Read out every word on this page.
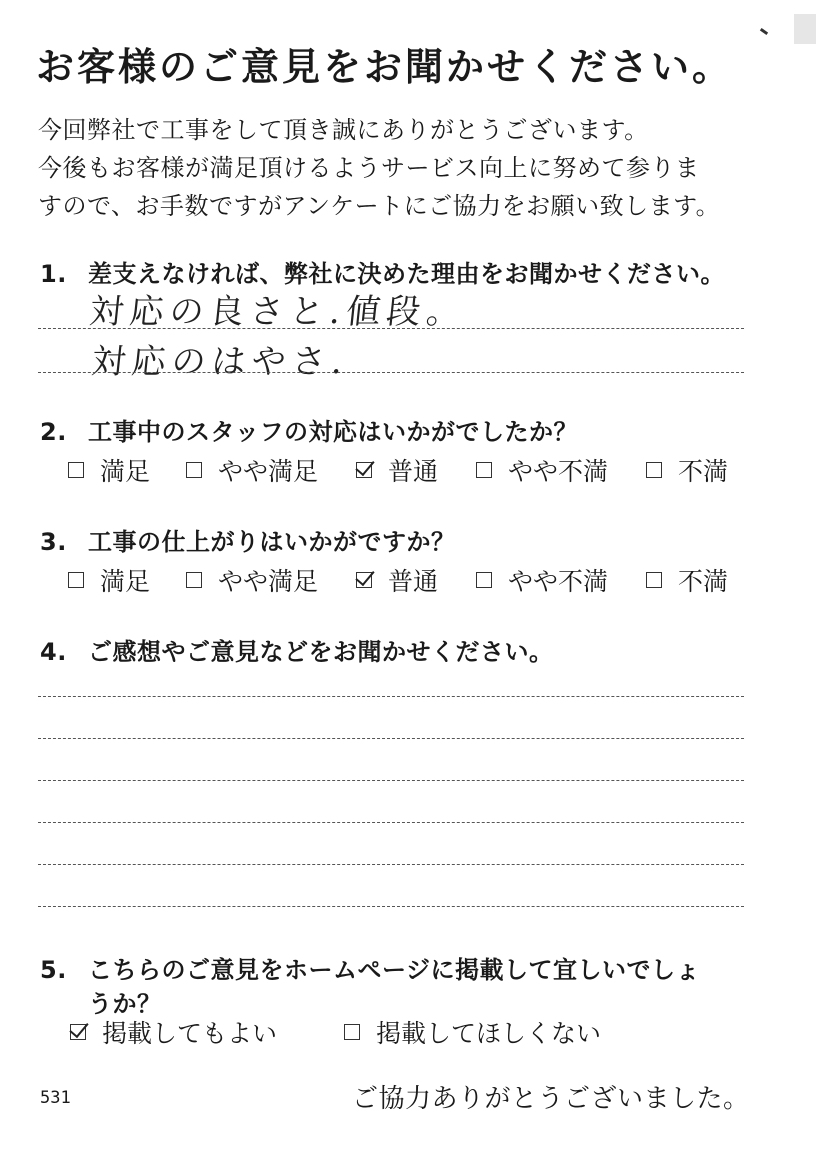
お客様のご意見をお聞かせください。
今回弊社で工事をして頂き誠にありがとうございます。
今後もお客様が満足頂けるようサービス向上に努めて参りま
すので、お手数ですがアンケートにご協力をお願い致します。
1. 差支えなければ、弊社に決めた理由をお聞かせください。
対応の良さと.値段。
対応のはやさ.
2. 工事中のスタッフの対応はいかがでしたか？
満足	やや満足	普通	やや不満	不満
3. 工事の仕上がりはいかがですか？
満足	やや満足	普通	やや不満	不満
4. ご感想やご意見などをお聞かせください。
5. こちらのご意見をホームページに掲載して宜しいでしょ
うか？
掲載してもよい	掲載してほしくない
531	ご協力ありがとうございました。
